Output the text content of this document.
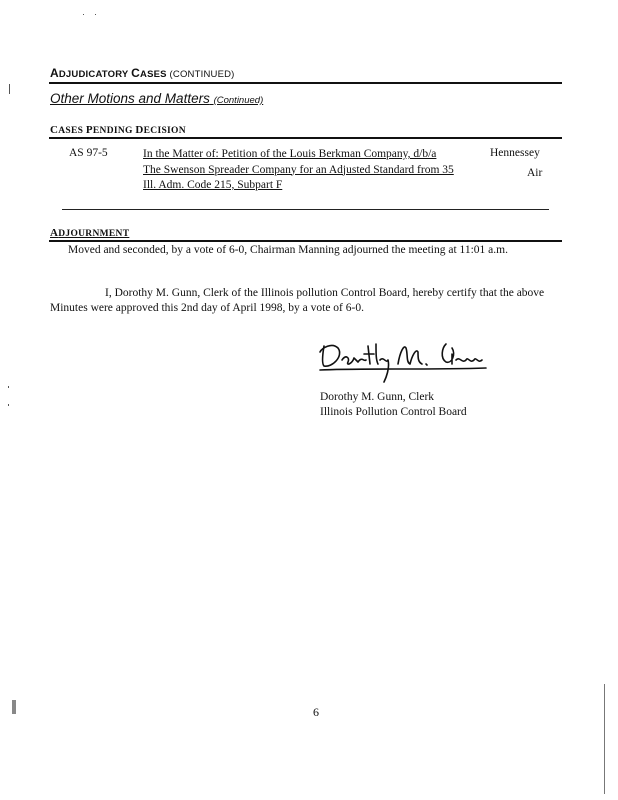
ADJUDICATORY CASES (CONTINUED)
Other Motions and Matters (Continued)
CASES PENDING DECISION
AS 97-5	In the Matter of: Petition of the Louis Berkman Company, d/b/a
The Swenson Spreader Company for an Adjusted Standard from 35
Ill. Adm. Code 215, Subpart F
Hennessey
Air
ADJOURNMENT
Moved and seconded, by a vote of 6-0, Chairman Manning adjourned the meeting at 11:01 a.m.
I, Dorothy M. Gunn, Clerk of the Illinois pollution Control Board, hereby certify that the above Minutes were approved this 2nd day of April 1998, by a vote of 6-0.
Dorothy M. Gunn, Clerk
Illinois Pollution Control Board
6
